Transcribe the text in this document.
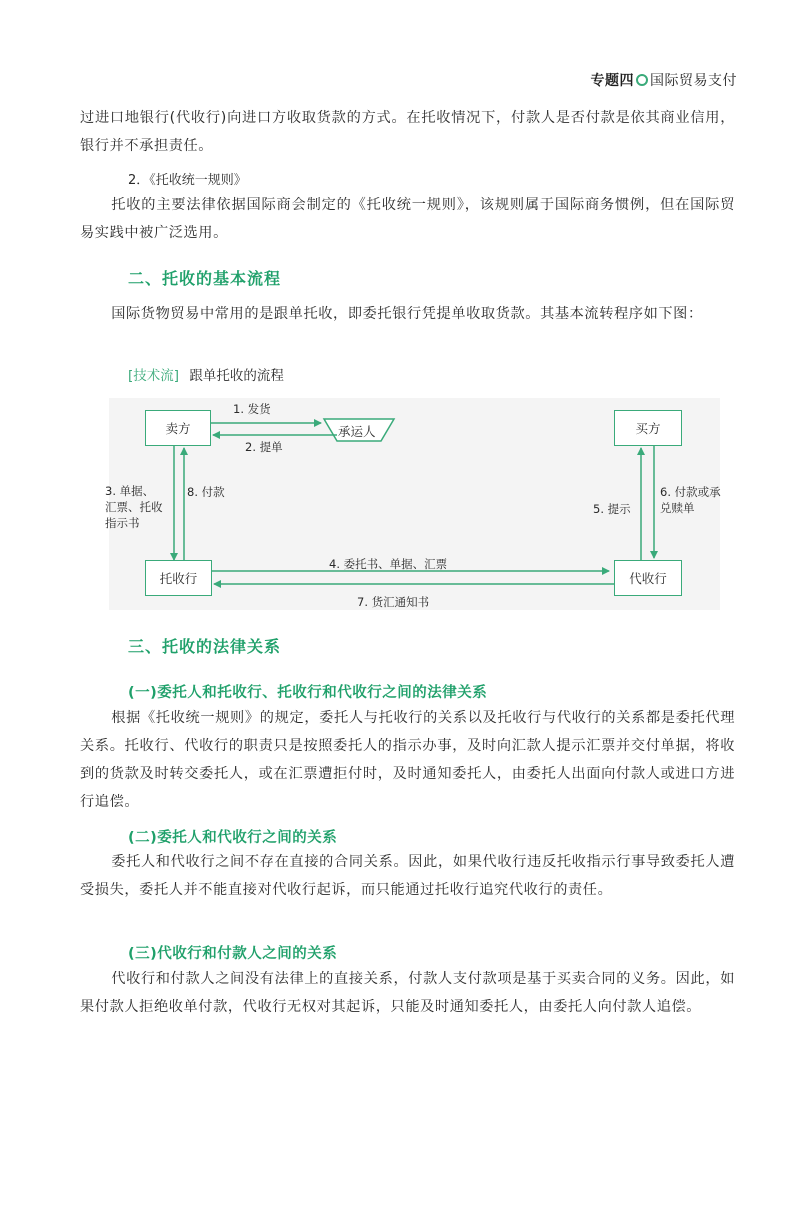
专题四 国际贸易支付

过进口地银行(代收行)向进口方收取货款的方式。在托收情况下，付款人是否付款是依其商业信用，银行并不承担责任。

2．《托收统一规则》

托收的主要法律依据国际商会制定的《托收统一规则》，该规则属于国际商务惯例，但在国际贸易实践中被广泛选用。

二、托收的基本流程

国际货物贸易中常用的是跟单托收，即委托银行凭提单收取货款。其基本流转程序如下图：

[技术流] 跟单托收的流程
卖方	承运人	买方
托收行	代收行
1. 发货
2. 提单
3. 单据、汇票、托收指示书
8. 付款
4. 委托书、单据、汇票
7. 货汇通知书
5. 提示
6. 付款或承兑赎单
三、托收的法律关系
(一)委托人和托收行、托收行和代收行之间的法律关系

根据《托收统一规则》的规定，委托人与托收行的关系以及托收行与代收行的关系都是委托代理关系。托收行、代收行的职责只是按照委托人的指示办事，及时向汇款人提示汇票并交付单据，将收到的货款及时转交委托人，或在汇票遭拒付时，及时通知委托人，由委托人出面向付款人或进口方进行追偿。

(二)委托人和代收行之间的关系

委托人和代收行之间不存在直接的合同关系。因此，如果代收行违反托收指示行事导致委托人遭受损失，委托人并不能直接对代收行起诉，而只能通过托收行追究代收行的责任。

(三)代收行和付款人之间的关系

代收行和付款人之间没有法律上的直接关系，付款人支付款项是基于买卖合同的义务。因此，如果付款人拒绝收单付款，代收行无权对其起诉，只能及时通知委托人，由委托人向付款人追偿。
